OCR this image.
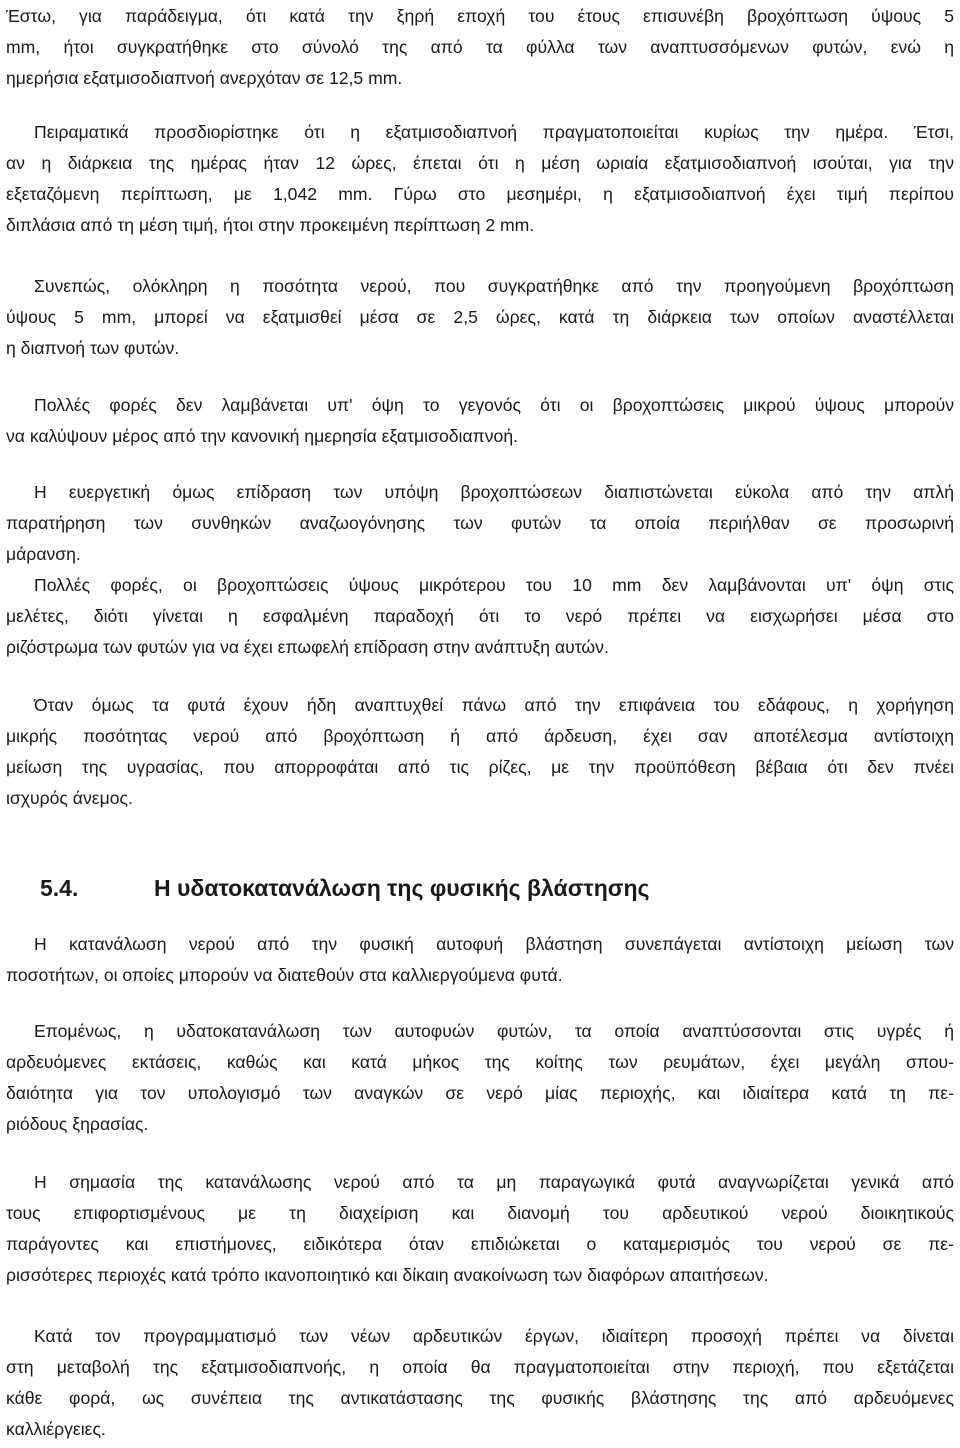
Έστω, για παράδειγμα, ότι κατά την ξηρή εποχή του έτους επισυνέβη βροχόπτωση ύψους 5
mm, ήτοι συγκρατήθηκε στο σύνολό της από τα φύλλα των αναπτυσσόμενων φυτών, ενώ η
ημερήσια εξατμισοδιαπνοή ανερχόταν σε 12,5 mm.
Πειραματικά προσδιορίστηκε ότι η εξατμισοδιαπνοή πραγματοποιείται κυρίως την ημέρα. Έτσι,
αν η διάρκεια της ημέρας ήταν 12 ώρες, έπεται ότι η μέση ωριαία εξατμισοδιαπνοή ισούται, για την
εξεταζόμενη περίπτωση, με 1,042 mm. Γύρω στο μεσημέρι, η εξατμισοδιαπνοή έχει τιμή περίπου
διπλάσια από τη μέση τιμή, ήτοι στην προκειμένη περίπτωση 2 mm.
Συνεπώς, ολόκληρη η ποσότητα νερού, που συγκρατήθηκε από την προηγούμενη βροχόπτωση
ύψους 5 mm, μπορεί να εξατμισθεί μέσα σε 2,5 ώρες, κατά τη διάρκεια των οποίων αναστέλλεται
η διαπνοή των φυτών.
Πολλές φορές δεν λαμβάνεται υπ' όψη το γεγονός ότι οι βροχοπτώσεις μικρού ύψους μπορούν
να καλύψουν μέρος από την κανονική ημερησία εξατμισοδιαπνοή.
Η ευεργετική όμως επίδραση των υπόψη βροχοπτώσεων διαπιστώνεται εύκολα από την απλή
παρατήρηση των συνθηκών αναζωογόνησης των φυτών τα οποία περιήλθαν σε προσωρινή
μάρανση.
Πολλές φορές, οι βροχοπτώσεις ύψους μικρότερου του 10 mm δεν λαμβάνονται υπ' όψη στις
μελέτες, διότι γίνεται η εσφαλμένη παραδοχή ότι το νερό πρέπει να εισχωρήσει μέσα στο
ριζόστρωμα των φυτών για να έχει επωφελή επίδραση στην ανάπτυξη αυτών.
Όταν όμως τα φυτά έχουν ήδη αναπτυχθεί πάνω από την επιφάνεια του εδάφους, η χορήγηση
μικρής ποσότητας νερού από βροχόπτωση ή από άρδευση, έχει σαν αποτέλεσμα αντίστοιχη
μείωση της υγρασίας, που απορροφάται από τις ρίζες, με την προϋπόθεση βέβαια ότι δεν πνέει
ισχυρός άνεμος.
5.4.	Η υδατοκατανάλωση της φυσικής βλάστησης
Η κατανάλωση νερού από την φυσική αυτοφυή βλάστηση συνεπάγεται αντίστοιχη μείωση των
ποσοτήτων, οι οποίες μπορούν να διατεθούν στα καλλιεργούμενα φυτά.
Επομένως, η υδατοκατανάλωση των αυτοφυών φυτών, τα οποία αναπτύσσονται στις υγρές ή
αρδευόμενες εκτάσεις, καθώς και κατά μήκος της κοίτης των ρευμάτων, έχει μεγάλη σπου-
δαιότητα για τον υπολογισμό των αναγκών σε νερό μίας περιοχής, και ιδιαίτερα κατά τη πε-
ριόδους ξηρασίας.
Η σημασία της κατανάλωσης νερού από τα μη παραγωγικά φυτά αναγνωρίζεται γενικά από
τους επιφορτισμένους με τη διαχείριση και διανομή του αρδευτικού νερού διοικητικούς
παράγοντες και επιστήμονες, ειδικότερα όταν επιδιώκεται ο καταμερισμός του νερού σε πε-
ρισσότερες περιοχές κατά τρόπο ικανοποιητικό και δίκαιη ανακοίνωση των διαφόρων απαιτήσεων.
Κατά τον προγραμματισμό των νέων αρδευτικών έργων, ιδιαίτερη προσοχή πρέπει να δίνεται
στη μεταβολή της εξατμισοδιαπνοής, η οποία θα πραγματοποιείται στην περιοχή, που εξετάζεται
κάθε φορά, ως συνέπεια της αντικατάστασης της φυσικής βλάστησης της από αρδευόμενες
καλλιέργειες.
